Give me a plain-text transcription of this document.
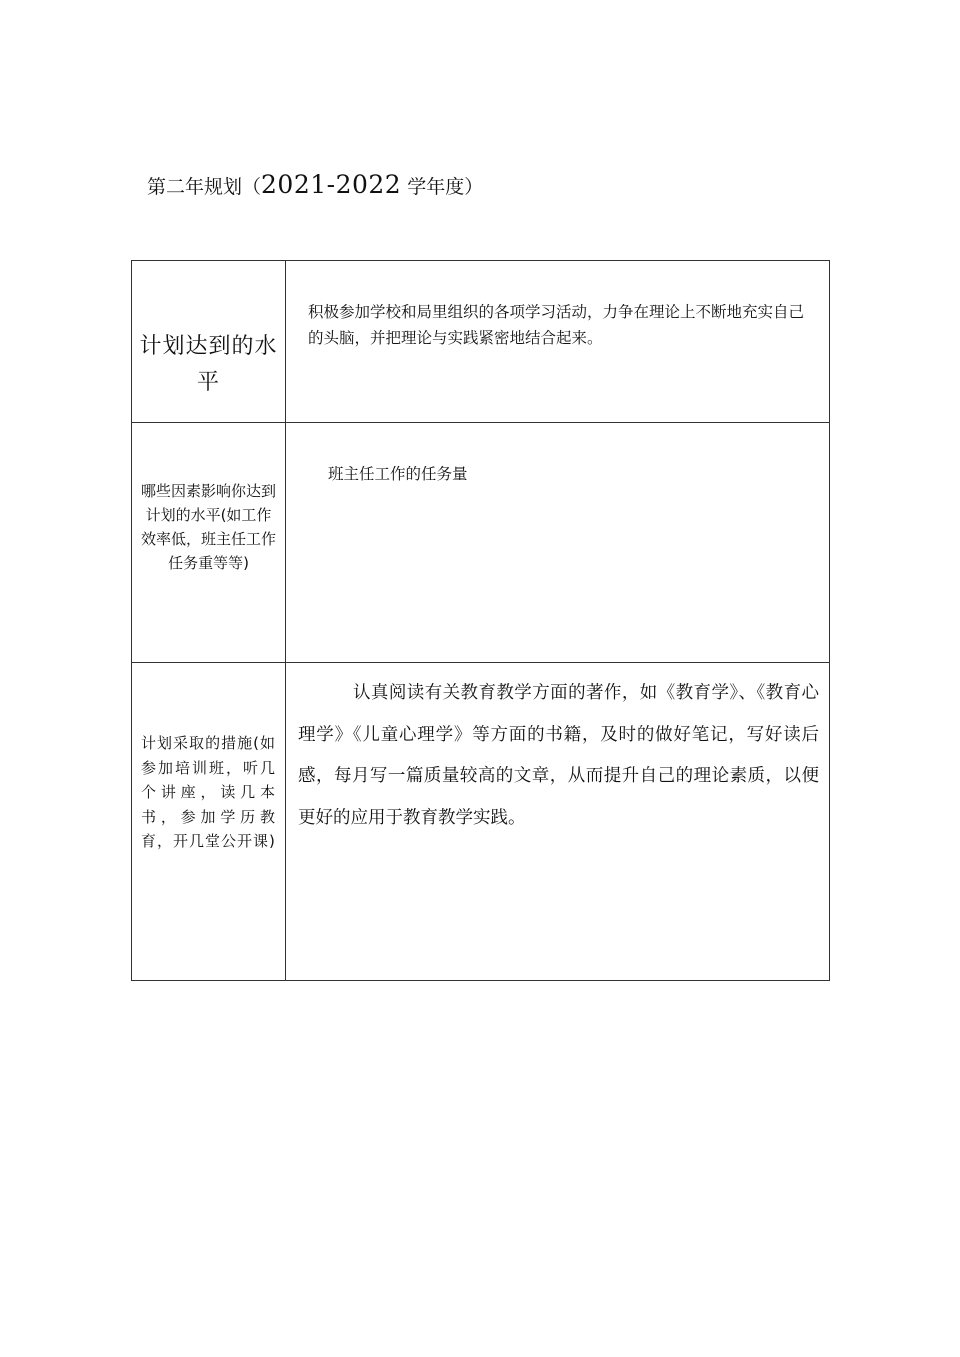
第二年规划（2021-2022 学年度）
计划达到的水平	积极参加学校和局里组织的各项学习活动，力争在理论上不断地充实自己的头脑，并把理论与实践紧密地结合起来。

哪些因素影响你达到计划的水平(如工作效率低，班主任工作任务重等等)	班主任工作的任务量

计划采取的措施(如参加培训班，听几个讲座，读几本书，参加学历教育，开几堂公开课)	认真阅读有关教育教学方面的著作，如《教育学》、《教育心理学》《儿童心理学》等方面的书籍，及时的做好笔记，写好读后感，每月写一篇质量较高的文章，从而提升自己的理论素质，以便更好的应用于教育教学实践。
